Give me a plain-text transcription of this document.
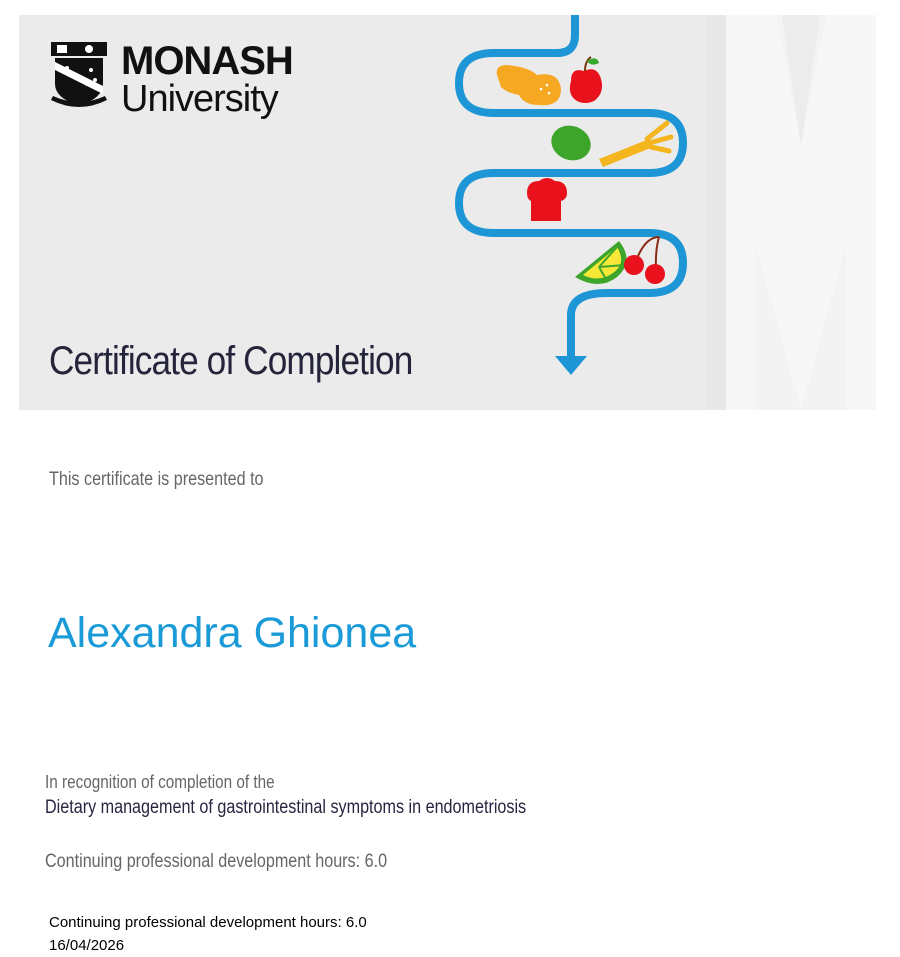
MONASH
University
Certificate of Completion
This certificate is presented to
Alexandra Ghionea
In recognition of completion of the
Dietary management of gastrointestinal symptoms in endometriosis
Continuing professional development hours: 6.0
Continuing professional development hours: 6.0
16/04/2026
